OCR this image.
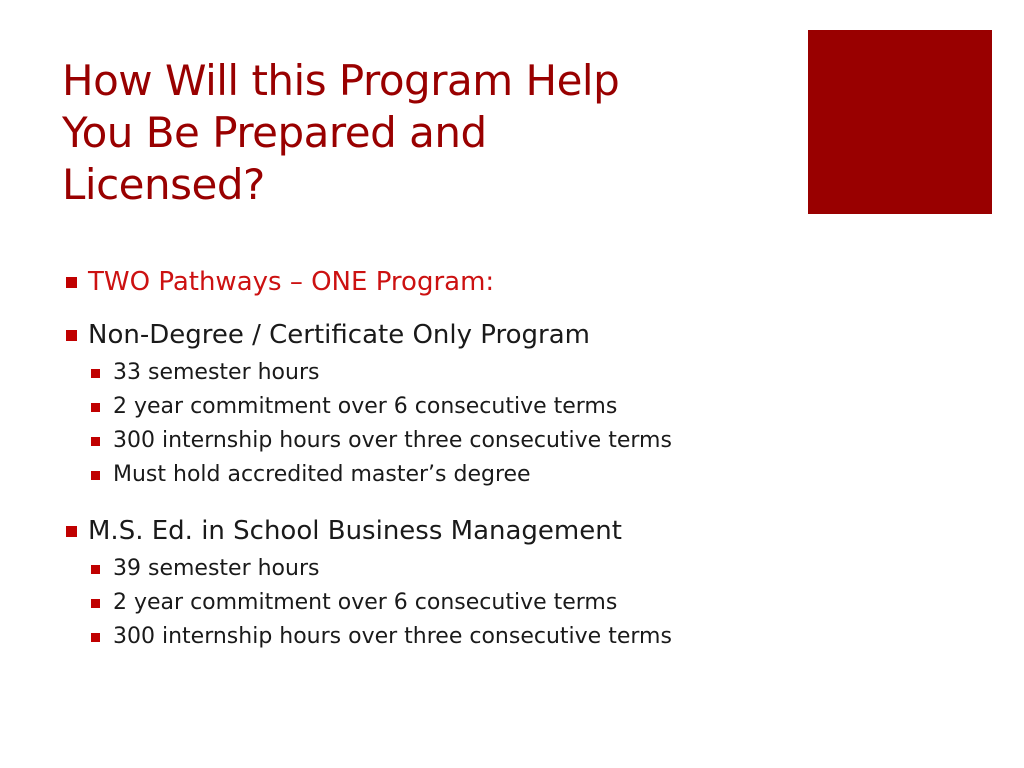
How Will this Program Help
You Be Prepared and
Licensed?
TWO Pathways – ONE Program:
Non-Degree / Certificate Only Program
33 semester hours
2 year commitment over 6 consecutive terms
300 internship hours over three consecutive terms
Must hold accredited master’s degree
M.S. Ed. in School Business Management
39 semester hours
2 year commitment over 6 consecutive terms
300 internship hours over three consecutive terms
